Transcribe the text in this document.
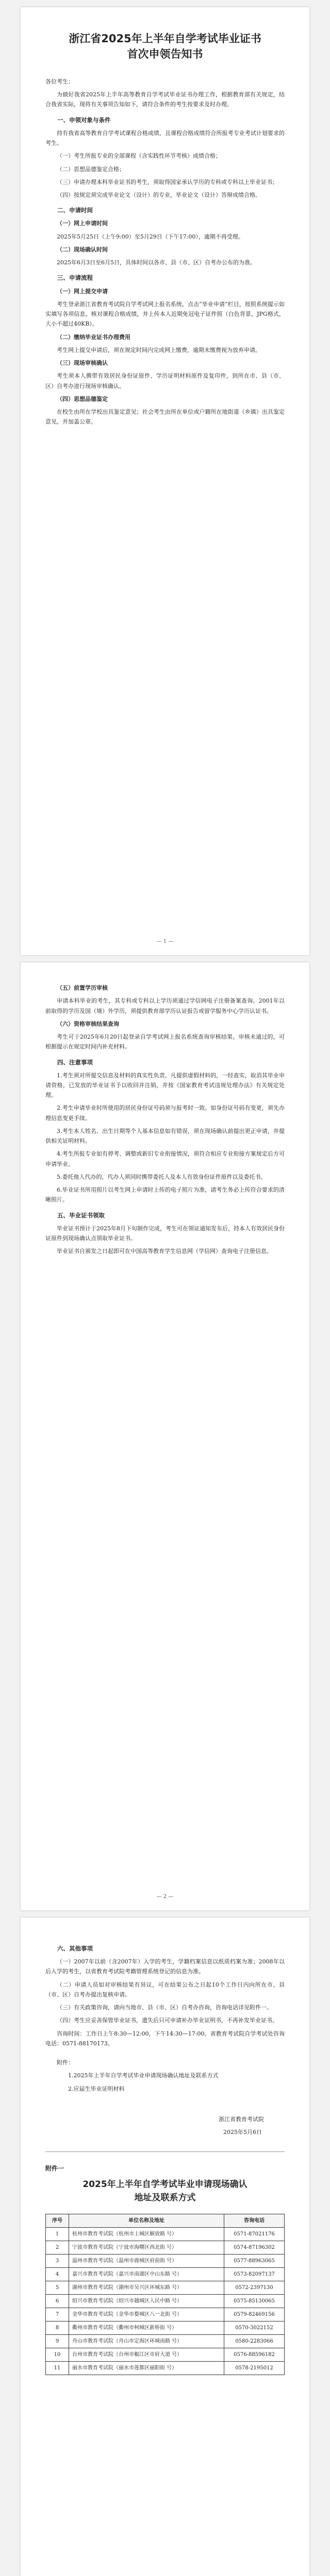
浙江省2025年上半年自学考试毕业证书
首次申领告知书

各位考生：

为做好我省2025年上半年高等教育自学考试毕业证书办理工作，根据教育部有关规定，结合我省实际，现将有关事项告知如下，请符合条件的考生按要求及时办理。

一、申领对象与条件

持有我省高等教育自学考试课程合格成绩，且课程合格成绩符合所报考专业考试计划要求的考生。

（一）考生所报专业的全部课程（含实践性环节考核）成绩合格；

（二）思想品德鉴定合格；

（三）申请办理本科毕业证书的考生，须取得国家承认学历的专科或专科以上毕业证书；

（四）按规定须完成毕业论文（设计）的专业，毕业论文（设计）答辩成绩合格。

二、申请时间

（一）网上申请时间

2025年5月25日（上午9:00）至5月29日（下午17:00），逾期不再受理。

（二）现场确认时间

2025年6月3日至6月5日，具体时间以各市、县（市、区）自考办公布的为准。

三、申请流程

（一）网上提交申请

考生登录浙江省教育考试院自学考试网上报名系统，点击“毕业申请”栏目，按照系统提示如实填写各项信息，核对课程合格成绩，并上传本人近期免冠电子证件照（白色背景，JPG格式，大小不超过40KB）。

（二）缴纳毕业证书办理费用

考生网上提交申请后，须在规定时间内完成网上缴费，逾期未缴费视为放弃申请。

（三）现场审核确认

考生须本人携带有效居民身份证原件、学历证明材料原件及复印件，到所在市、县（市、区）自考办进行现场审核确认。

（四）思想品德鉴定

在校生由所在学校出具鉴定意见；社会考生由所在单位或户籍所在地街道（乡镇）出具鉴定意见，并加盖公章。

— 1 —

（五）前置学历审核

申请本科毕业的考生，其专科或专科以上学历须通过学信网电子注册备案查询。2001年以前取得的学历及国（境）外学历，须提供教育部学历认证报告或留学服务中心学历认证书。

（六）资格审核结果查询

考生可于2025年6月20日起登录自学考试网上报名系统查询审核结果。审核未通过的，可根据提示在规定时间内补充材料。

四、注意事项

1.考生须对所提交信息及材料的真实性负责。凡提供虚假材料的，一经查实，取消其毕业申请资格，已发放的毕业证书予以收回并注销，并按《国家教育考试违规处理办法》有关规定处理。

2.考生申请毕业时所使用的居民身份证号码须与报考时一致。如身份证号码有变更，须先办理信息变更手续。

3.考生本人姓名、出生日期等个人基本信息如有错误，须在现场确认前提出更正申请，并提供相关证明材料。

4.考生所报专业如有停考、调整或新旧专业衔接情况，须符合相应专业衔接方案规定后方可申请毕业。

5.委托他人代办的，代办人须同时携带委托人及本人有效身份证件原件以及委托书。

6.毕业证书所用照片以考生网上申请时上传的电子照片为准，请考生务必上传符合要求的清晰照片。

五、毕业证书领取

毕业证书预计于2025年8月下旬制作完成，考生可在领证通知发布后，持本人有效居民身份证原件到现场确认点领取毕业证书。

毕业证书自颁发之日起即可在中国高等教育学生信息网（学信网）查询电子注册信息。

— 2 —
六、其他事项

（一）2007年以前（含2007年）入学的考生，学籍档案信息以纸质档案为准；2008年以后入学的考生，以省教育考试院考籍管理系统登记的信息为准。

（二）申请人员如对审核结果有异议，可在结果公布之日起10个工作日内向所在市、县（市、区）自考办提出复核申请。

（三）有关政策咨询，请向当地市、县（市、区）自考办咨询，咨询电话详见附件一。

（四）考生应妥善保管毕业证书，遗失后只可申请补办毕业证明书，不再补发毕业证书。

咨询时间：工作日上午8:30—12:00，下午14:30—17:00。省教育考试院自学考试处咨询电话：0571-88170173。

附件：

1.2025年上半年自学考试毕业申请现场确认地址及联系方式

2.应届生毕业证明材料

浙江省教育考试院

2025年5月6日

附件一

2025年上半年自学考试毕业申请现场确认
地址及联系方式
序号	单位名称及地址	咨询电话
1	杭州市教育考试院（杭州市上城区解放路 号）	0571-87021176
2	宁波市教育考试院（宁波市海曙区西北街 号）	0574-87196302
3	温州市教育考试院（温州市鹿城区府前街 号）	0577-88963065
4	嘉兴市教育考试院（嘉兴市南湖区中山东路 号）	0573-82097137
5	湖州市教育考试院（湖州市吴兴区环城东路 号）	0572-2397130
6	绍兴市教育考试院（绍兴市越城区人民中路 号）	0575-85130065
7	金华市教育考试院（金华市婺城区八一北街 号）	0579-82469156
8	衢州市教育考试院（衢州市柯城区新桥街 号）	0570-3022152
9	舟山市教育考试院（舟山市定海区环城南路 号）	0580-2283066
10	台州市教育考试院（台州市椒江区市府大道 号）	0576-88596182
11	丽水市教育考试院（丽水市莲都区丽阳街 号）	0578-2195012
